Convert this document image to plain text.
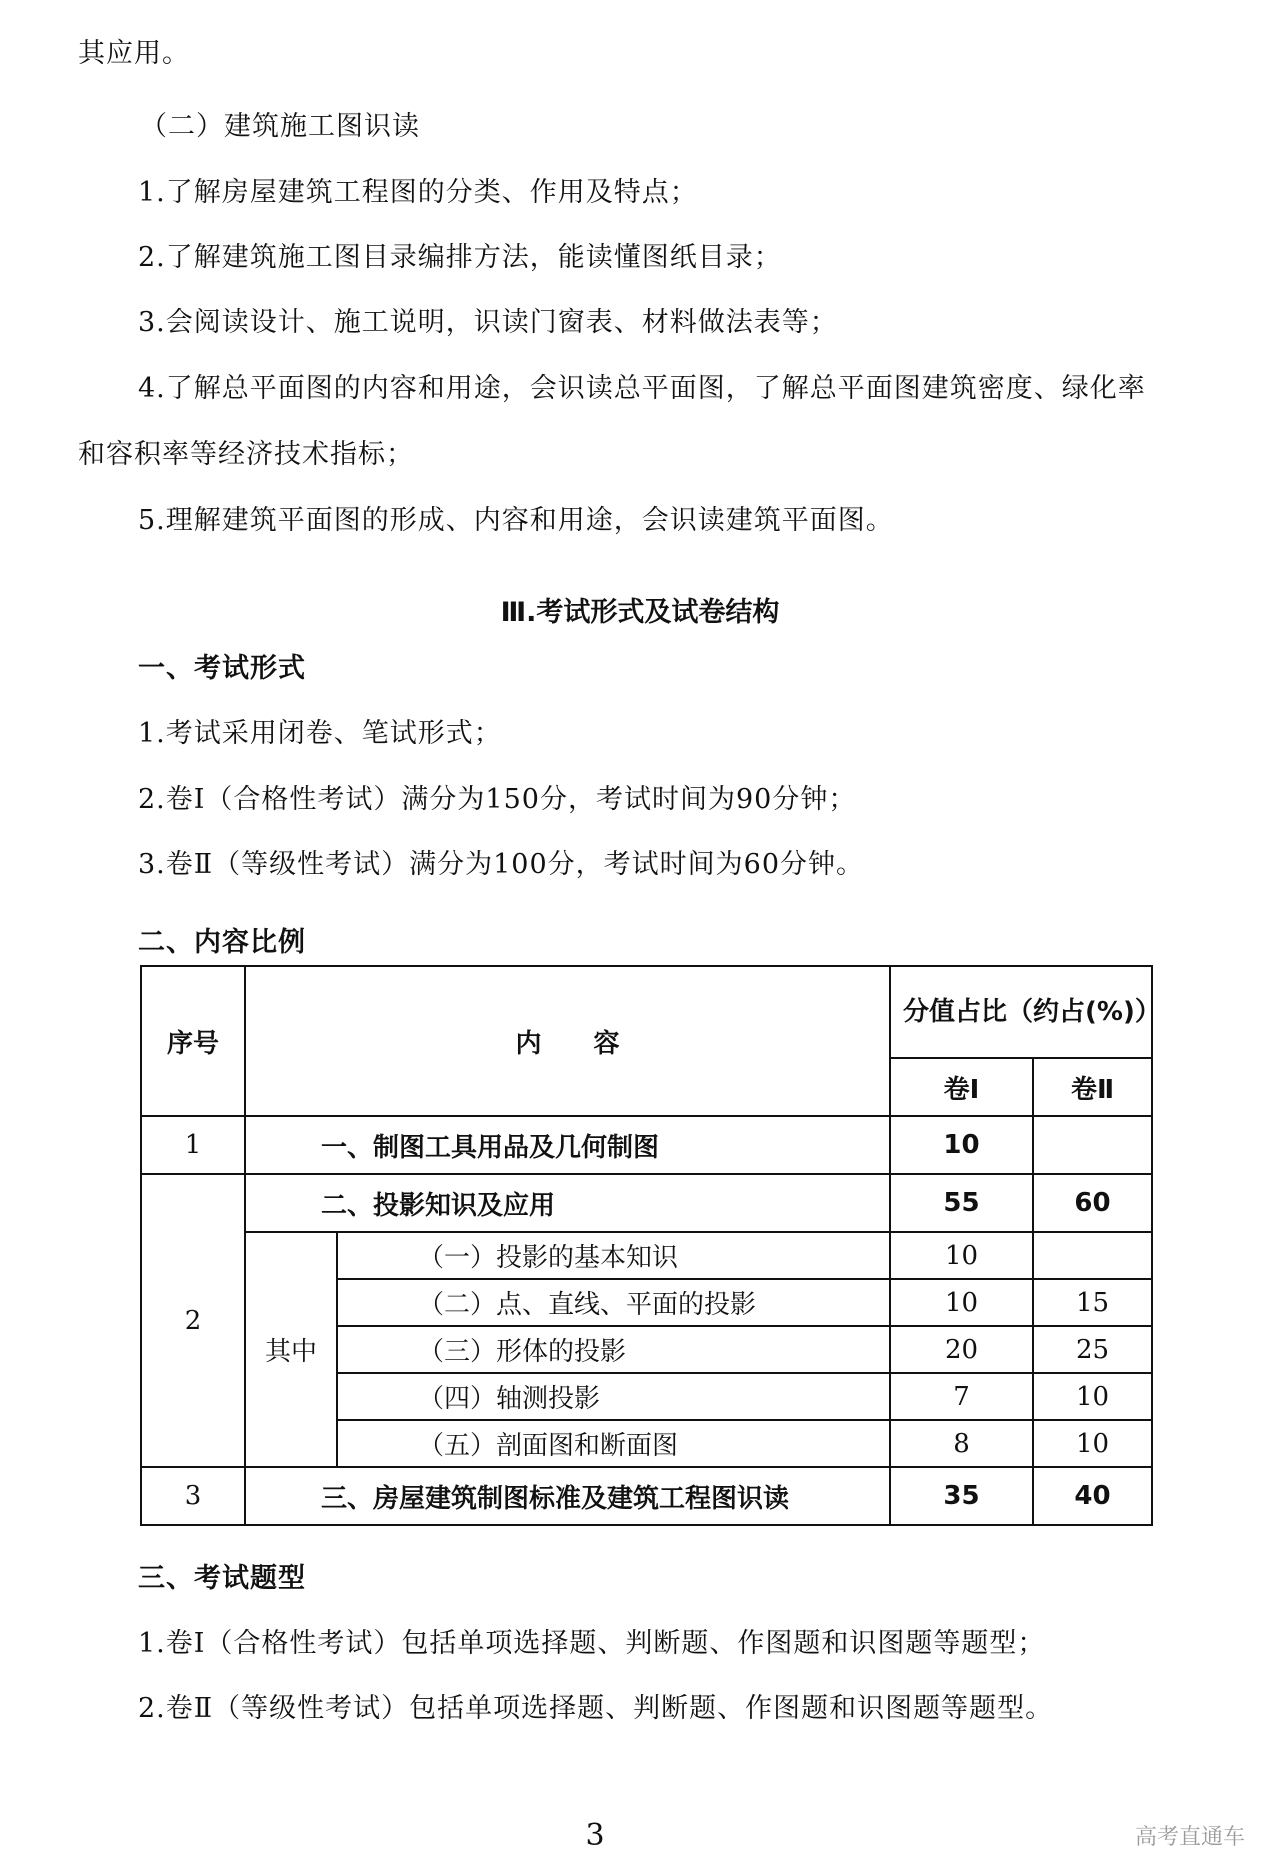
其应用。

（二）建筑施工图识读

1.了解房屋建筑工程图的分类、作用及特点；

2.了解建筑施工图目录编排方法，能读懂图纸目录；

3.会阅读设计、施工说明，识读门窗表、材料做法表等；

4.了解总平面图的内容和用途，会识读总平面图，了解总平面图建筑密度、绿化率

和容积率等经济技术指标；

5.理解建筑平面图的形成、内容和用途，会识读建筑平面图。

Ⅲ.考试形式及试卷结构

一、考试形式

1.考试采用闭卷、笔试形式；

2.卷Ⅰ（合格性考试）满分为150分，考试时间为90分钟；

3.卷Ⅱ（等级性考试）满分为100分，考试时间为60分钟。

二、内容比例

序号	内　　容		分值占比（约占(%)）	
			卷Ⅰ	卷Ⅱ
1	一、制图工具用品及几何制图		10	
2	二、投影知识及应用		55	60
	其中	（一）投影的基本知识	10	
		（二）点、直线、平面的投影	10	15
		（三）形体的投影	20	25
		（四）轴测投影	7	10
		（五）剖面图和断面图	8	10
3	三、房屋建筑制图标准及建筑工程图识读		35	40

三、考试题型

1.卷Ⅰ（合格性考试）包括单项选择题、判断题、作图题和识图题等题型；

2.卷Ⅱ（等级性考试）包括单项选择题、判断题、作图题和识图题等题型。

3	高考直通车
